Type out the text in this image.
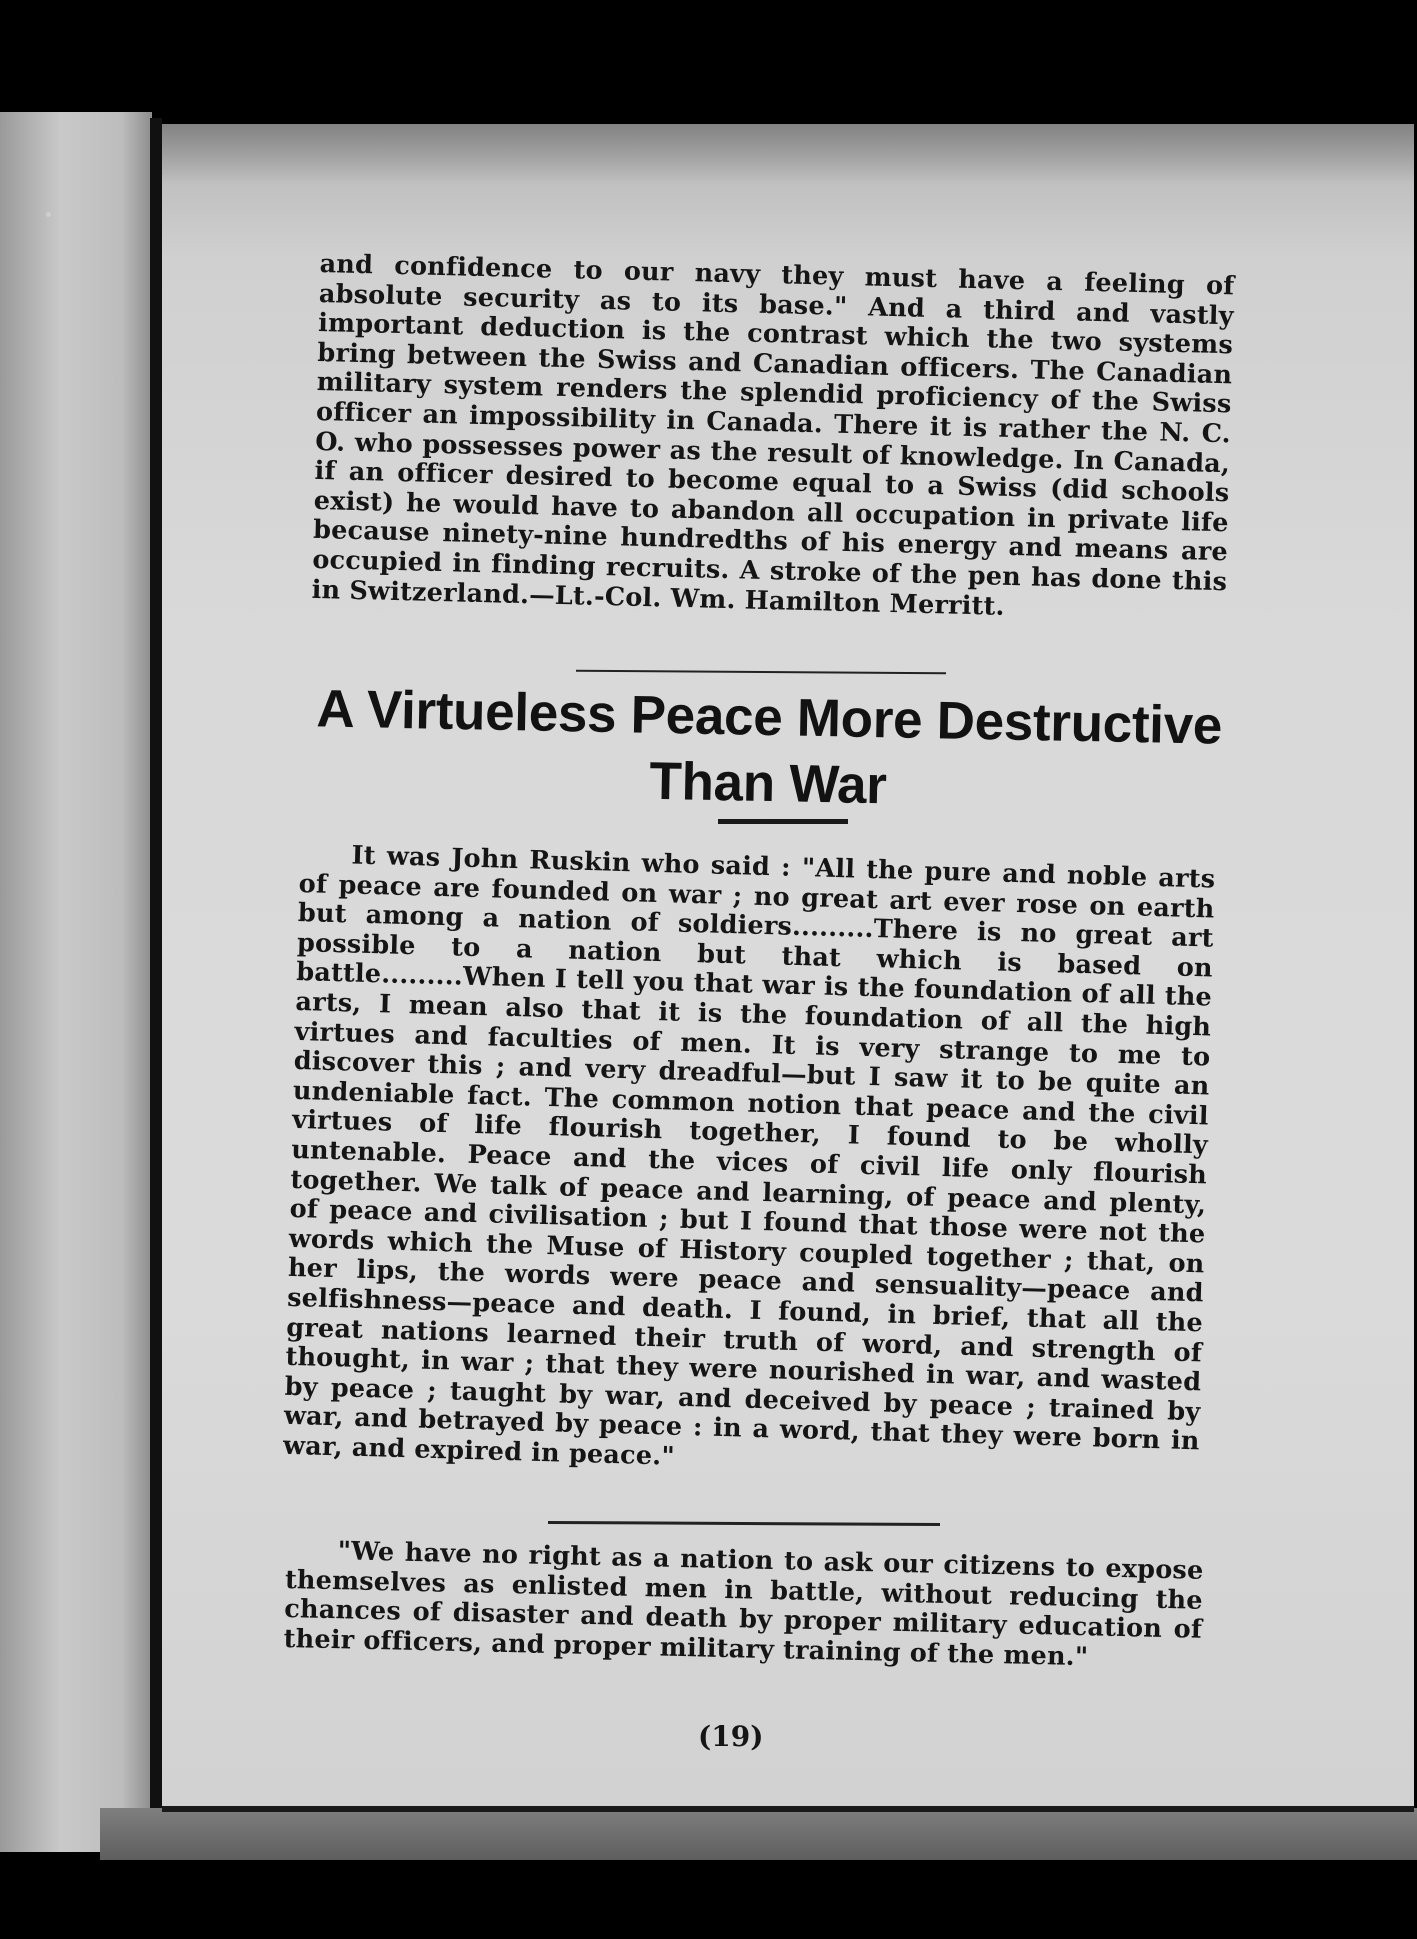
and confidence to our navy they must have a feeling of absolute security as to its base." And a third and vastly important deduction is the contrast which the two systems bring between the Swiss and Canadian officers. The Canadian military system renders the splendid proficiency of the Swiss officer an impossibility in Canada. There it is rather the N. C. O. who possesses power as the result of knowledge. In Canada, if an officer desired to become equal to a Swiss (did schools exist) he would have to abandon all occupation in private life because ninety-nine hundredths of his energy and means are occupied in finding recruits. A stroke of the pen has done this in Switzerland.—Lt.-Col. Wm. Hamilton Merritt.

A Virtueless Peace More Destructive Than War

It was John Ruskin who said : "All the pure and noble arts of peace are founded on war ; no great art ever rose on earth but among a nation of soldiers.........There is no great art possible to a nation but that which is based on battle.........When I tell you that war is the foundation of all the arts, I mean also that it is the foundation of all the high virtues and faculties of men. It is very strange to me to discover this ; and very dreadful—but I saw it to be quite an undeniable fact. The common notion that peace and the civil virtues of life flourish together, I found to be wholly untenable. Peace and the vices of civil life only flourish together. We talk of peace and learning, of peace and plenty, of peace and civilisation ; but I found that those were not the words which the Muse of History coupled together ; that, on her lips, the words were peace and sensuality—peace and selfishness—peace and death. I found, in brief, that all the great nations learned their truth of word, and strength of thought, in war ; that they were nourished in war, and wasted by peace ; taught by war, and deceived by peace ; trained by war, and betrayed by peace : in a word, that they were born in war, and expired in peace."

"We have no right as a nation to ask our citizens to expose themselves as enlisted men in battle, without reducing the chances of disaster and death by proper military education of their officers, and proper military training of the men."

(19)
